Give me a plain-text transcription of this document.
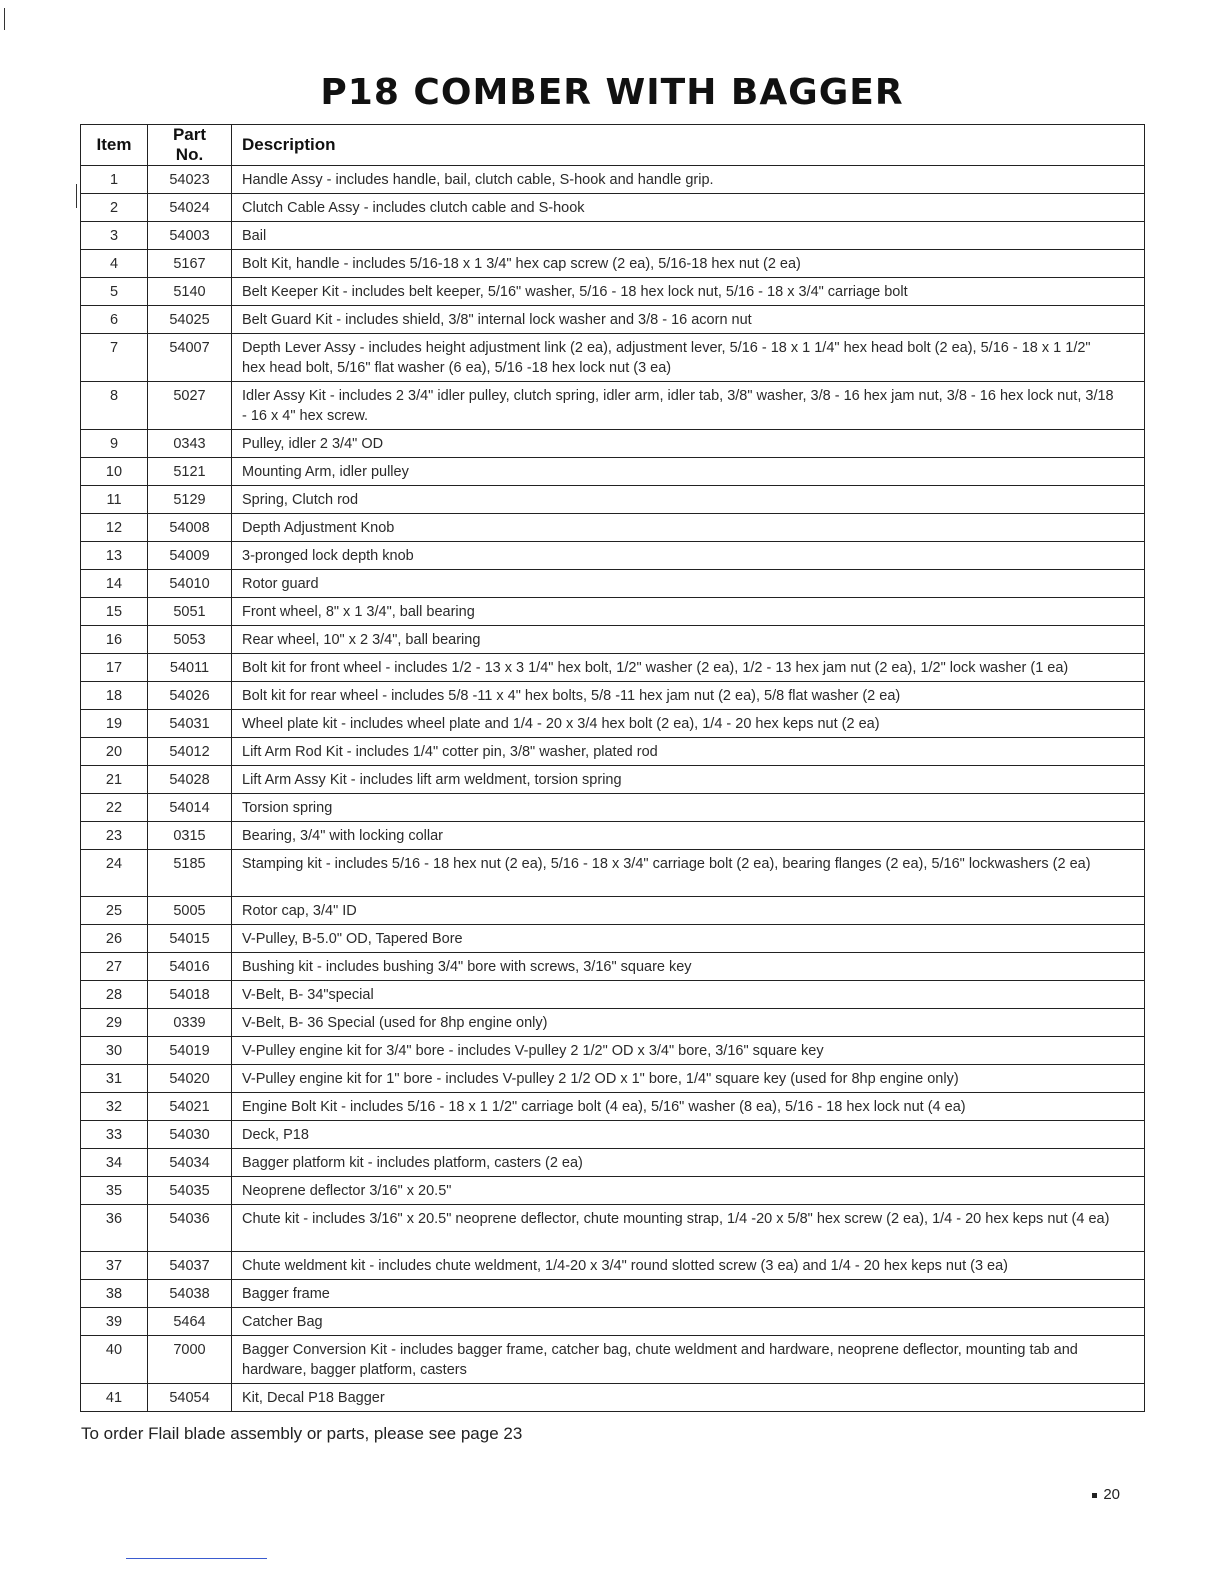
P18 COMBER WITH BAGGER
Item	Part No.	Description
1	54023	Handle Assy - includes handle, bail, clutch cable, S-hook and handle grip.
2	54024	Clutch Cable Assy - includes clutch cable and S-hook
3	54003	Bail
4	5167	Bolt Kit, handle - includes 5/16-18 x 1 3/4" hex cap screw (2 ea), 5/16-18 hex nut (2 ea)
5	5140	Belt Keeper Kit - includes belt keeper, 5/16" washer, 5/16 - 18 hex lock nut, 5/16 - 18 x 3/4" carriage bolt
6	54025	Belt Guard Kit - includes shield, 3/8" internal lock washer and 3/8 - 16 acorn nut
7	54007	Depth Lever Assy - includes height adjustment link (2 ea), adjustment lever, 5/16 - 18 x 1 1/4" hex head bolt (2 ea), 5/16 - 18 x 1 1/2" hex head bolt, 5/16" flat washer (6 ea), 5/16 -18 hex lock nut (3 ea)
8	5027	Idler Assy Kit - includes 2 3/4" idler pulley, clutch spring, idler arm, idler tab, 3/8" washer, 3/8 - 16 hex jam nut, 3/8 - 16 hex lock nut, 3/18 - 16 x 4" hex screw.
9	0343	Pulley, idler 2 3/4" OD
10	5121	Mounting Arm, idler pulley
11	5129	Spring, Clutch rod
12	54008	Depth Adjustment Knob
13	54009	3-pronged lock depth knob
14	54010	Rotor guard
15	5051	Front wheel, 8" x 1 3/4", ball bearing
16	5053	Rear wheel, 10" x 2 3/4", ball bearing
17	54011	Bolt kit for front wheel - includes 1/2 - 13 x 3 1/4" hex bolt, 1/2" washer (2 ea), 1/2 - 13 hex jam nut (2 ea), 1/2" lock washer (1 ea)
18	54026	Bolt kit for rear wheel - includes 5/8 -11 x 4" hex bolts, 5/8 -11 hex jam nut (2 ea), 5/8 flat washer (2 ea)
19	54031	Wheel plate kit - includes wheel plate and 1/4 - 20 x 3/4 hex bolt (2 ea), 1/4 - 20 hex keps nut (2 ea)
20	54012	Lift Arm Rod Kit - includes 1/4" cotter pin, 3/8" washer, plated rod
21	54028	Lift Arm Assy Kit - includes lift arm weldment, torsion spring
22	54014	Torsion spring
23	0315	Bearing, 3/4" with locking collar
24	5185	Stamping kit - includes 5/16 - 18 hex nut (2 ea), 5/16 - 18 x 3/4" carriage bolt (2 ea), bearing flanges (2 ea), 5/16" lockwashers (2 ea)
25	5005	Rotor cap, 3/4" ID
26	54015	V-Pulley, B-5.0" OD, Tapered Bore
27	54016	Bushing kit - includes bushing 3/4" bore with screws, 3/16" square key
28	54018	V-Belt, B- 34"special
29	0339	V-Belt, B- 36 Special (used for 8hp engine only)
30	54019	V-Pulley engine kit for 3/4" bore - includes V-pulley 2 1/2" OD x 3/4" bore, 3/16" square key
31	54020	V-Pulley engine kit for 1" bore - includes V-pulley 2 1/2 OD x 1" bore, 1/4" square key (used for 8hp engine only)
32	54021	Engine Bolt Kit - includes 5/16 - 18 x 1 1/2" carriage bolt (4 ea), 5/16" washer (8 ea), 5/16 - 18 hex lock nut (4 ea)
33	54030	Deck, P18
34	54034	Bagger platform kit - includes platform, casters (2 ea)
35	54035	Neoprene deflector 3/16" x 20.5"
36	54036	Chute kit - includes 3/16" x 20.5" neoprene deflector, chute mounting strap, 1/4 -20 x 5/8" hex screw (2 ea), 1/4 - 20 hex keps nut (4 ea)
37	54037	Chute weldment kit - includes chute weldment, 1/4-20 x 3/4" round slotted screw (3 ea) and 1/4 - 20 hex keps nut (3 ea)
38	54038	Bagger frame
39	5464	Catcher Bag
40	7000	Bagger Conversion Kit - includes bagger frame, catcher bag, chute weldment and hardware, neoprene deflector, mounting tab and hardware, bagger platform, casters
41	54054	Kit, Decal P18 Bagger
To order Flail blade assembly or parts, please see page 23
20
